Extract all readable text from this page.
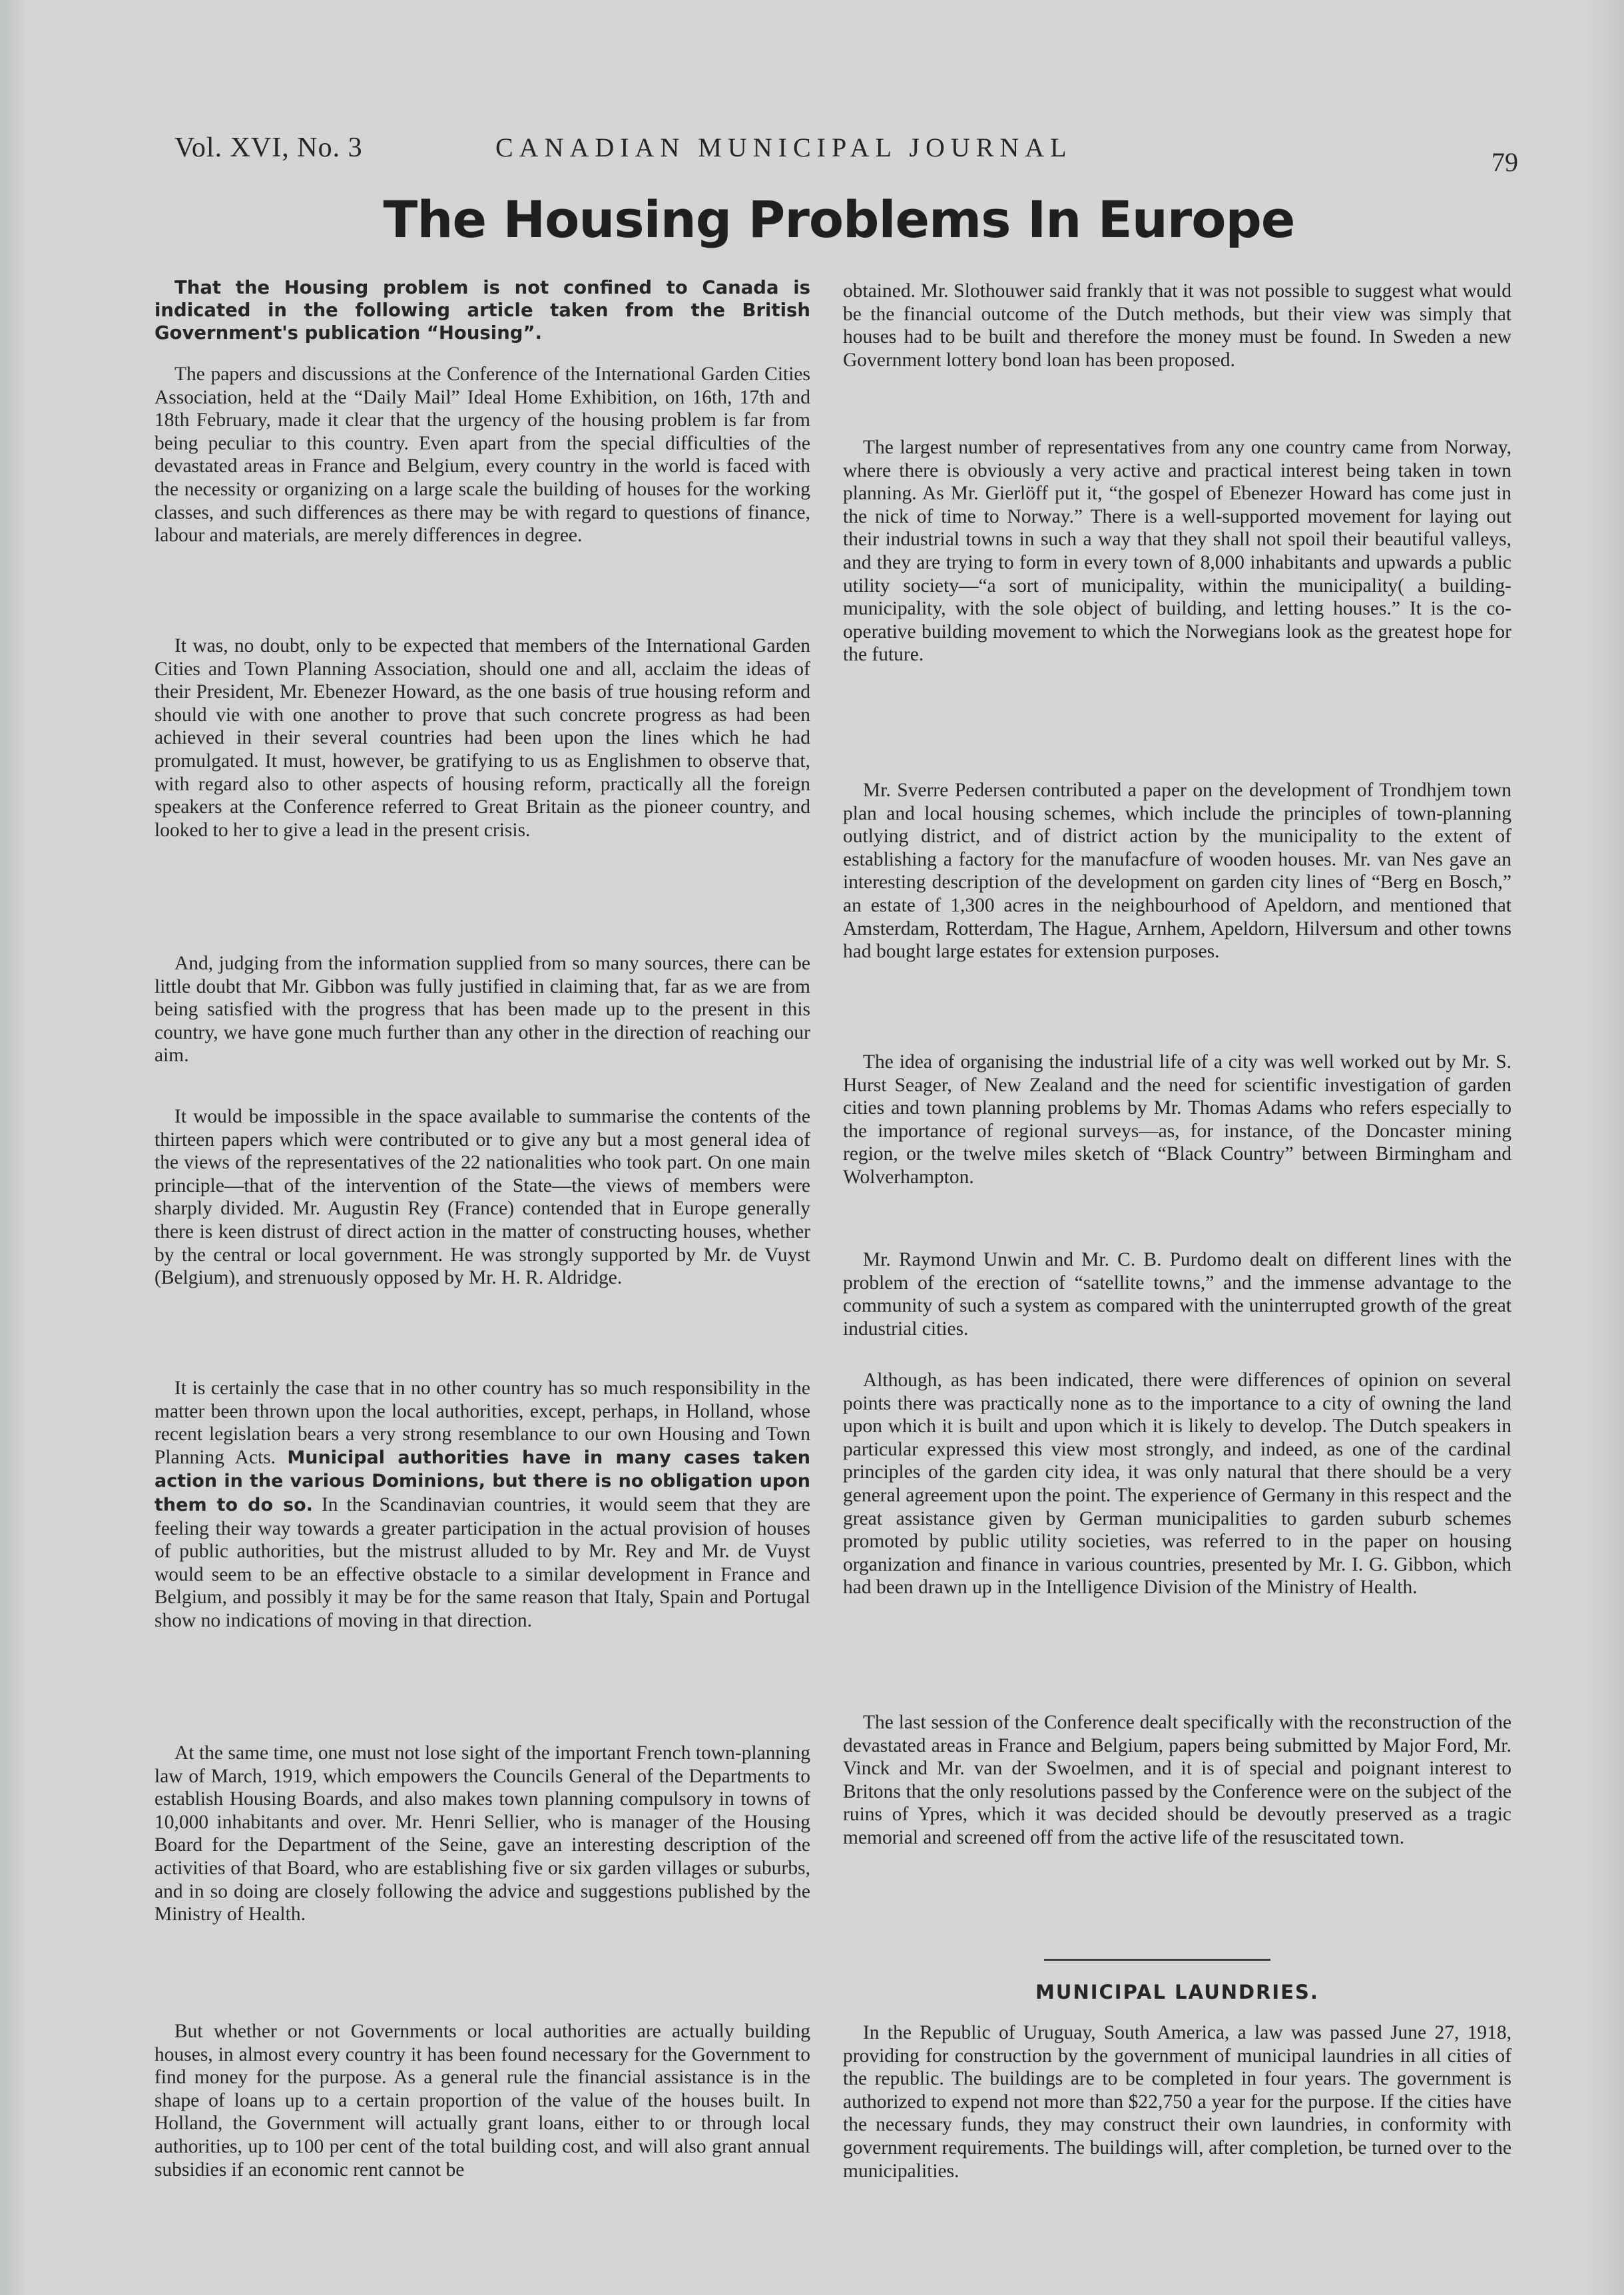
Vol. XVI, No. 3	CANADIAN MUNICIPAL JOURNAL	79
The Housing Problems In Europe

That the Housing problem is not confined to Canada is indicated in the following article taken from the British Government's publication “Housing”.

The papers and discussions at the Conference of the International Garden Cities Association, held at the “Daily Mail” Ideal Home Exhibition, on 16th, 17th and 18th February, made it clear that the urgency of the housing problem is far from being peculiar to this country. Even apart from the special difficulties of the devastated areas in France and Belgium, every country in the world is faced with the necessity or organizing on a large scale the building of houses for the working classes, and such differences as there may be with regard to questions of finance, labour and materials, are merely differences in degree.

It was, no doubt, only to be expected that members of the International Garden Cities and Town Planning Association, should one and all, acclaim the ideas of their President, Mr. Ebenezer Howard, as the one basis of true housing reform and should vie with one another to prove that such concrete progress as had been achieved in their several countries had been upon the lines which he had promulgated. It must, however, be gratifying to us as Englishmen to observe that, with regard also to other aspects of housing reform, practically all the foreign speakers at the Conference referred to Great Britain as the pioneer country, and looked to her to give a lead in the present crisis.

And, judging from the information supplied from so many sources, there can be little doubt that Mr. Gibbon was fully justified in claiming that, far as we are from being satisfied with the progress that has been made up to the present in this country, we have gone much further than any other in the direction of reaching our aim.

It would be impossible in the space available to summarise the contents of the thirteen papers which were contributed or to give any but a most general idea of the views of the representatives of the 22 nationalities who took part. On one main principle—that of the intervention of the State—the views of members were sharply divided. Mr. Augustin Rey (France) contended that in Europe generally there is keen distrust of direct action in the matter of constructing houses, whether by the central or local government. He was strongly supported by Mr. de Vuyst (Belgium), and strenuously opposed by Mr. H. R. Aldridge.

It is certainly the case that in no other country has so much responsibility in the matter been thrown upon the local authorities, except, perhaps, in Holland, whose recent legislation bears a very strong resemblance to our own Housing and Town Planning Acts. Municipal authorities have in many cases taken action in the various Dominions, but there is no obligation upon them to do so. In the Scandinavian countries, it would seem that they are feeling their way towards a greater participation in the actual provision of houses of public authorities, but the mistrust alluded to by Mr. Rey and Mr. de Vuyst would seem to be an effective obstacle to a similar development in France and Belgium, and possibly it may be for the same reason that Italy, Spain and Portugal show no indications of moving in that direction.

At the same time, one must not lose sight of the important French town-planning law of March, 1919, which empowers the Councils General of the Departments to establish Housing Boards, and also makes town planning compulsory in towns of 10,000 inhabitants and over. Mr. Henri Sellier, who is manager of the Housing Board for the Department of the Seine, gave an interesting description of the activities of that Board, who are establishing five or six garden villages or suburbs, and in so doing are closely following the advice and suggestions published by the Ministry of Health.

But whether or not Governments or local authorities are actually building houses, in almost every country it has been found necessary for the Government to find money for the purpose. As a general rule the financial assistance is in the shape of loans up to a certain proportion of the value of the houses built. In Holland, the Government will actually grant loans, either to or through local authorities, up to 100 per cent of the total building cost, and will also grant annual subsidies if an economic rent cannot be

obtained. Mr. Slothouwer said frankly that it was not possible to suggest what would be the financial outcome of the Dutch methods, but their view was simply that houses had to be built and therefore the money must be found. In Sweden a new Government lottery bond loan has been proposed.

The largest number of representatives from any one country came from Norway, where there is obviously a very active and practical interest being taken in town planning. As Mr. Gierlöff put it, “the gospel of Ebenezer Howard has come just in the nick of time to Norway.” There is a well-supported movement for laying out their industrial towns in such a way that they shall not spoil their beautiful valleys, and they are trying to form in every town of 8,000 inhabitants and upwards a public utility society—“a sort of municipality, within the municipality( a building-municipality, with the sole object of building, and letting houses.” It is the co-operative building movement to which the Norwegians look as the greatest hope for the future.

Mr. Sverre Pedersen contributed a paper on the development of Trondhjem town plan and local housing schemes, which include the principles of town-planning outlying district, and of district action by the municipality to the extent of establishing a factory for the manufacfure of wooden houses. Mr. van Nes gave an interesting description of the development on garden city lines of “Berg en Bosch,” an estate of 1,300 acres in the neighbourhood of Apeldorn, and mentioned that Amsterdam, Rotterdam, The Hague, Arnhem, Apeldorn, Hilversum and other towns had bought large estates for extension purposes.

The idea of organising the industrial life of a city was well worked out by Mr. S. Hurst Seager, of New Zealand and the need for scientific investigation of garden cities and town planning problems by Mr. Thomas Adams who refers especially to the importance of regional surveys—as, for instance, of the Doncaster mining region, or the twelve miles sketch of “Black Country” between Birmingham and Wolverhampton.

Mr. Raymond Unwin and Mr. C. B. Purdomo dealt on different lines with the problem of the erection of “satellite towns,” and the immense advantage to the community of such a system as compared with the uninterrupted growth of the great industrial cities.

Although, as has been indicated, there were differences of opinion on several points there was practically none as to the importance to a city of owning the land upon which it is built and upon which it is likely to develop. The Dutch speakers in particular expressed this view most strongly, and indeed, as one of the cardinal principles of the garden city idea, it was only natural that there should be a very general agreement upon the point. The experience of Germany in this respect and the great assistance given by German municipalities to garden suburb schemes promoted by public utility societies, was referred to in the paper on housing organization and finance in various countries, presented by Mr. I. G. Gibbon, which had been drawn up in the Intelligence Division of the Ministry of Health.

The last session of the Conference dealt specifically with the reconstruction of the devastated areas in France and Belgium, papers being submitted by Major Ford, Mr. Vinck and Mr. van der Swoelmen, and it is of special and poignant interest to Britons that the only resolutions passed by the Conference were on the subject of the ruins of Ypres, which it was decided should be devoutly preserved as a tragic memorial and screened off from the active life of the resuscitated town.

MUNICIPAL LAUNDRIES.

In the Republic of Uruguay, South America, a law was passed June 27, 1918, providing for construction by the government of municipal laundries in all cities of the republic. The buildings are to be completed in four years. The government is authorized to expend not more than $22,750 a year for the purpose. If the cities have the necessary funds, they may construct their own laundries, in conformity with government requirements. The buildings will, after completion, be turned over to the municipalities.
